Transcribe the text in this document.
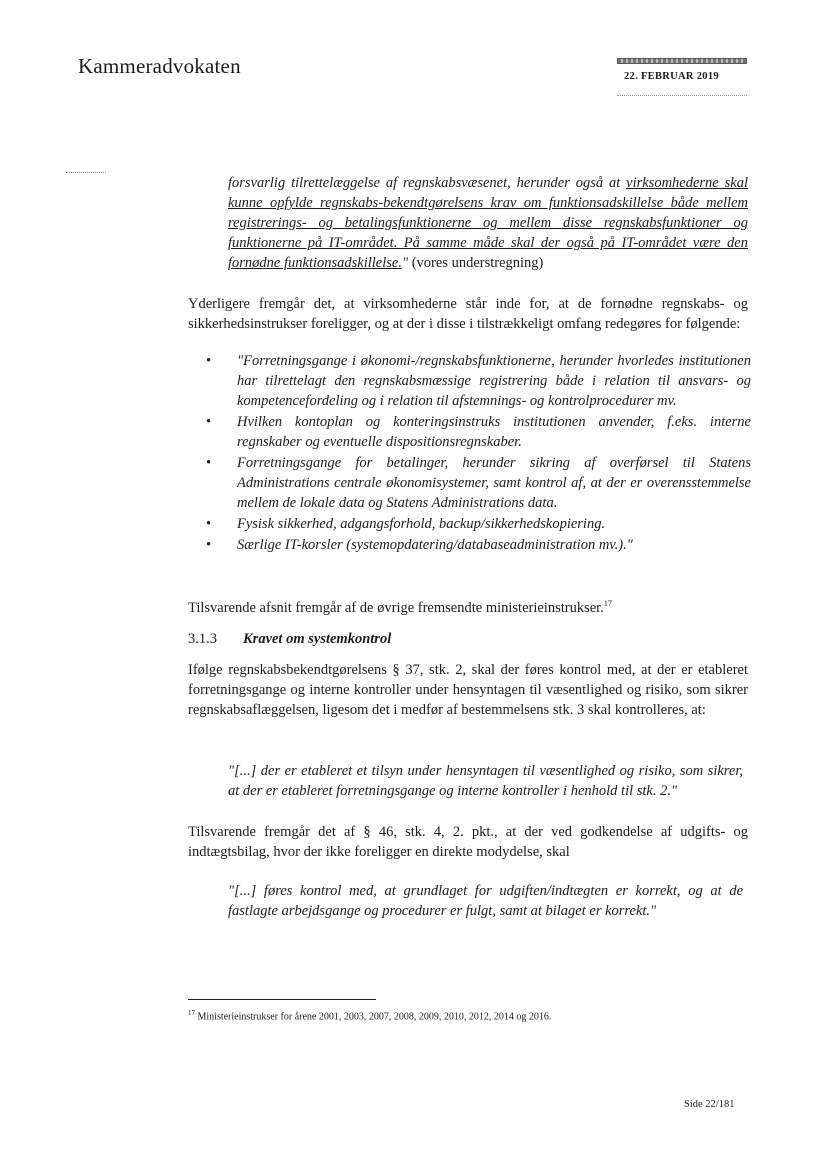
Kammeradvokaten	22. FEBRUAR 2019
forsvarlig tilrettelæggelse af regnskabsvæsenet, herunder også at virksomhederne skal kunne opfylde regnskabs-bekendtgørelsens krav om funktionsadskillelse både mellem registrerings- og betalingsfunktionerne og mellem disse regnskabsfunktioner og funktionerne på IT-området. På samme måde skal der også på IT-området være den fornødne funktionsadskillelse." (vores understregning)
Yderligere fremgår det, at virksomhederne står inde for, at de fornødne regnskabs- og sikkerhedsinstrukser foreligger, og at der i disse i tilstrækkeligt omfang redegøres for følgende:
• "Forretningsgange i økonomi-/regnskabsfunktionerne, herunder hvorledes institutionen har tilrettelagt den regnskabsmæssige registrering både i relation til ansvars- og kompetencefordeling og i relation til afstemnings- og kontrolprocedurer mv.
• Hvilken kontoplan og konteringsinstruks institutionen anvender, f.eks. interne regnskaber og eventuelle dispositionsregnskaber.
• Forretningsgange for betalinger, herunder sikring af overførsel til Statens Administrations centrale økonomisystemer, samt kontrol af, at der er overensstemmelse mellem de lokale data og Statens Administrations data.
• Fysisk sikkerhed, adgangsforhold, backup/sikkerhedskopiering.
• Særlige IT-korsler (systemopdatering/databaseadministration mv.)."
Tilsvarende afsnit fremgår af de øvrige fremsendte ministerieinstrukser.$^{17}$
3.1.3 Kravet om systemkontrol
Ifølge regnskabsbekendtgørelsens § 37, stk. 2, skal der føres kontrol med, at der er etableret forretningsgange og interne kontroller under hensyntagen til væsentlighed og risiko, som sikrer regnskabsaflæggelsen, ligesom det i medfør af bestemmelsens stk. 3 skal kontrolleres, at:
"[...] der er etableret et tilsyn under hensyntagen til væsentlighed og risiko, som sikrer, at der er etableret forretningsgange og interne kontroller i henhold til stk. 2."
Tilsvarende fremgår det af § 46, stk. 4, 2. pkt., at der ved godkendelse af udgifts- og indtægtsbilag, hvor der ikke foreligger en direkte modydelse, skal
"[...] føres kontrol med, at grundlaget for udgiften/indtægten er korrekt, og at de fastlagte arbejdsgange og procedurer er fulgt, samt at bilaget er korrekt."
$^{17}$ Ministerieinstrukser for årene 2001, 2003, 2007, 2008, 2009, 2010, 2012, 2014 og 2016.
Side 22/181
